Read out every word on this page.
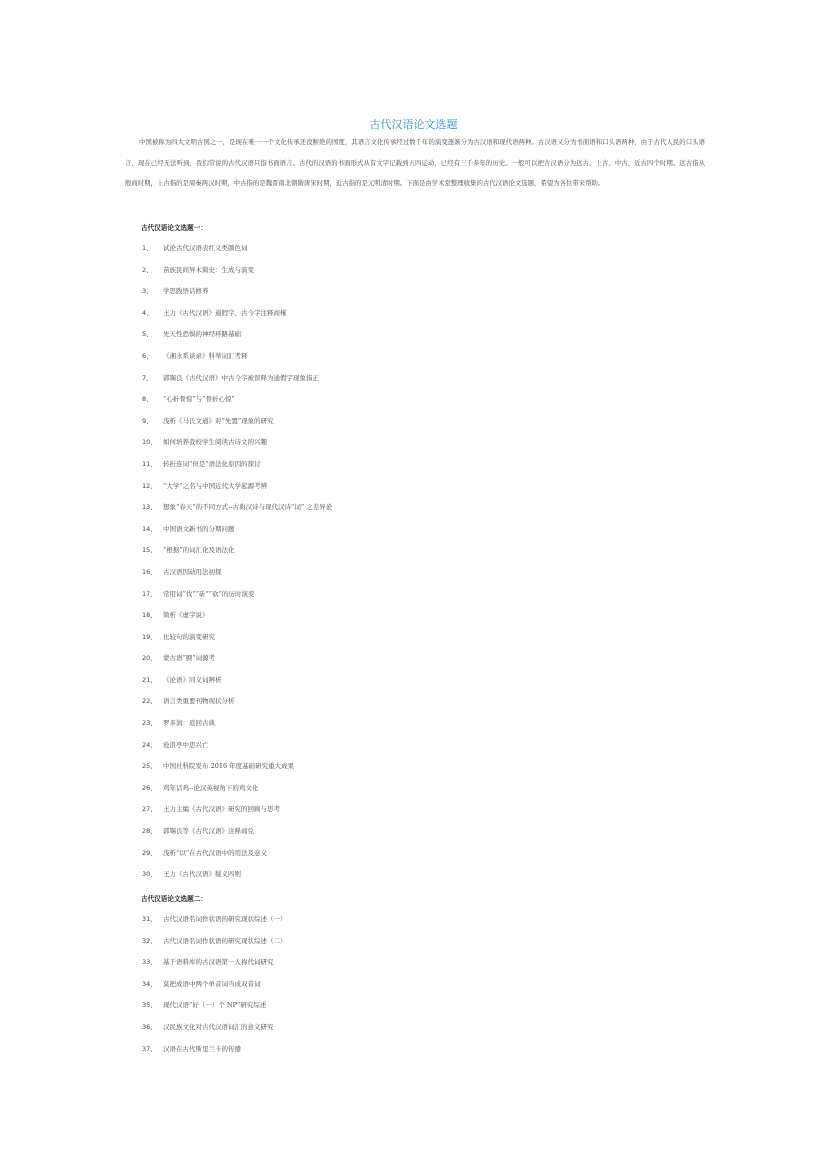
古代汉语论文选题
中国被称为四大文明古国之一，是现在唯一一个文化传承还没断绝的国度，其语言文化传承经过数千年的演变逐渐分为古汉语和现代语两种。古汉语又分为书面语和口头语两种，由于古代人民的口头语言，现在已经无法听到，我们常说的古代汉语只指书面语言。古代的汉语的书面形式从有文字记载到五四运动，已经有三千多年的历史。一般可以把古汉语分为远古、上古、中古、近古四个时期。远古指从殷商时期，上古指的是周秦两汉时期，中古指的是魏晋南北朝隋唐宋时期，近古指的是元明清时期。下面是由学术堂整理收集的古代汉语论文选题，希望为各位带来帮助。
古代汉语论文选题一：
1、 试论古代汉语表红义类颜色词
2、 苗族民间异术简史：生成与演变
3、 学思践悟话修养
4、 王力《古代汉语》通假字、古今字注释商榷
5、 先天性恐惧的神经环路基础
6、 《湘水系谈录》科举词汇考释
7、 郭锡良《古代汉语》中古今字被误释为通假字现象指正
8、 “心折骨惊”与“骨折心惊”
9、 浅析《马氏文通》对“先置”现象的研究
10、 如何培养我校学生阅读古诗文的兴趣
11、 转折连词“但是”语法化原因的探讨
12、 “大学”之名与中国近代大学起源考辨
13、 想象“春天”的不同方式--古典汉诗与现代汉诗“词” 之差异论
14、 中国语文新书的分期问题
15、 “根据”的词汇化及语法化
16、 古汉语因动用法初探
17、 常用词“伐”“斫”“砍”的历时演变
18、 简析《虚字说》
19、 比较句的演变研究
20、 蒙古语“腴”词源考
21、 《论语》同义词辨析
22、 语言类重要刊物现状分析
23、 罗多润：返回古典
24、 沧浪亭中思兴亡
25、 中国社科院发布 2016 年度基础研究重大成果
26、 鸡年话鸡--论汉英视角下的鸡文化
27、 王力主编《古代汉语》研究的回顾与思考
28、 郭锡良等《古代汉语》注释商兑
29、 浅析“以”在古代汉语中的用法及意义
30、 王力《古代汉语》疑义四则
古代汉语论文选题二：
31、 古代汉语名词作状语的研究现状综述（一）
32、 古代汉语名词作状语的研究现状综述（二）
33、 基于语料库的古汉语第一人称代词研究
34、 莫把成语中两个单音词当成双音词
35、 现代汉语“好（一）个 NP”研究综述
36、 汉民族文化对古代汉语词汇的意义研究
37、 汉语在古代斯里兰卡的传播
